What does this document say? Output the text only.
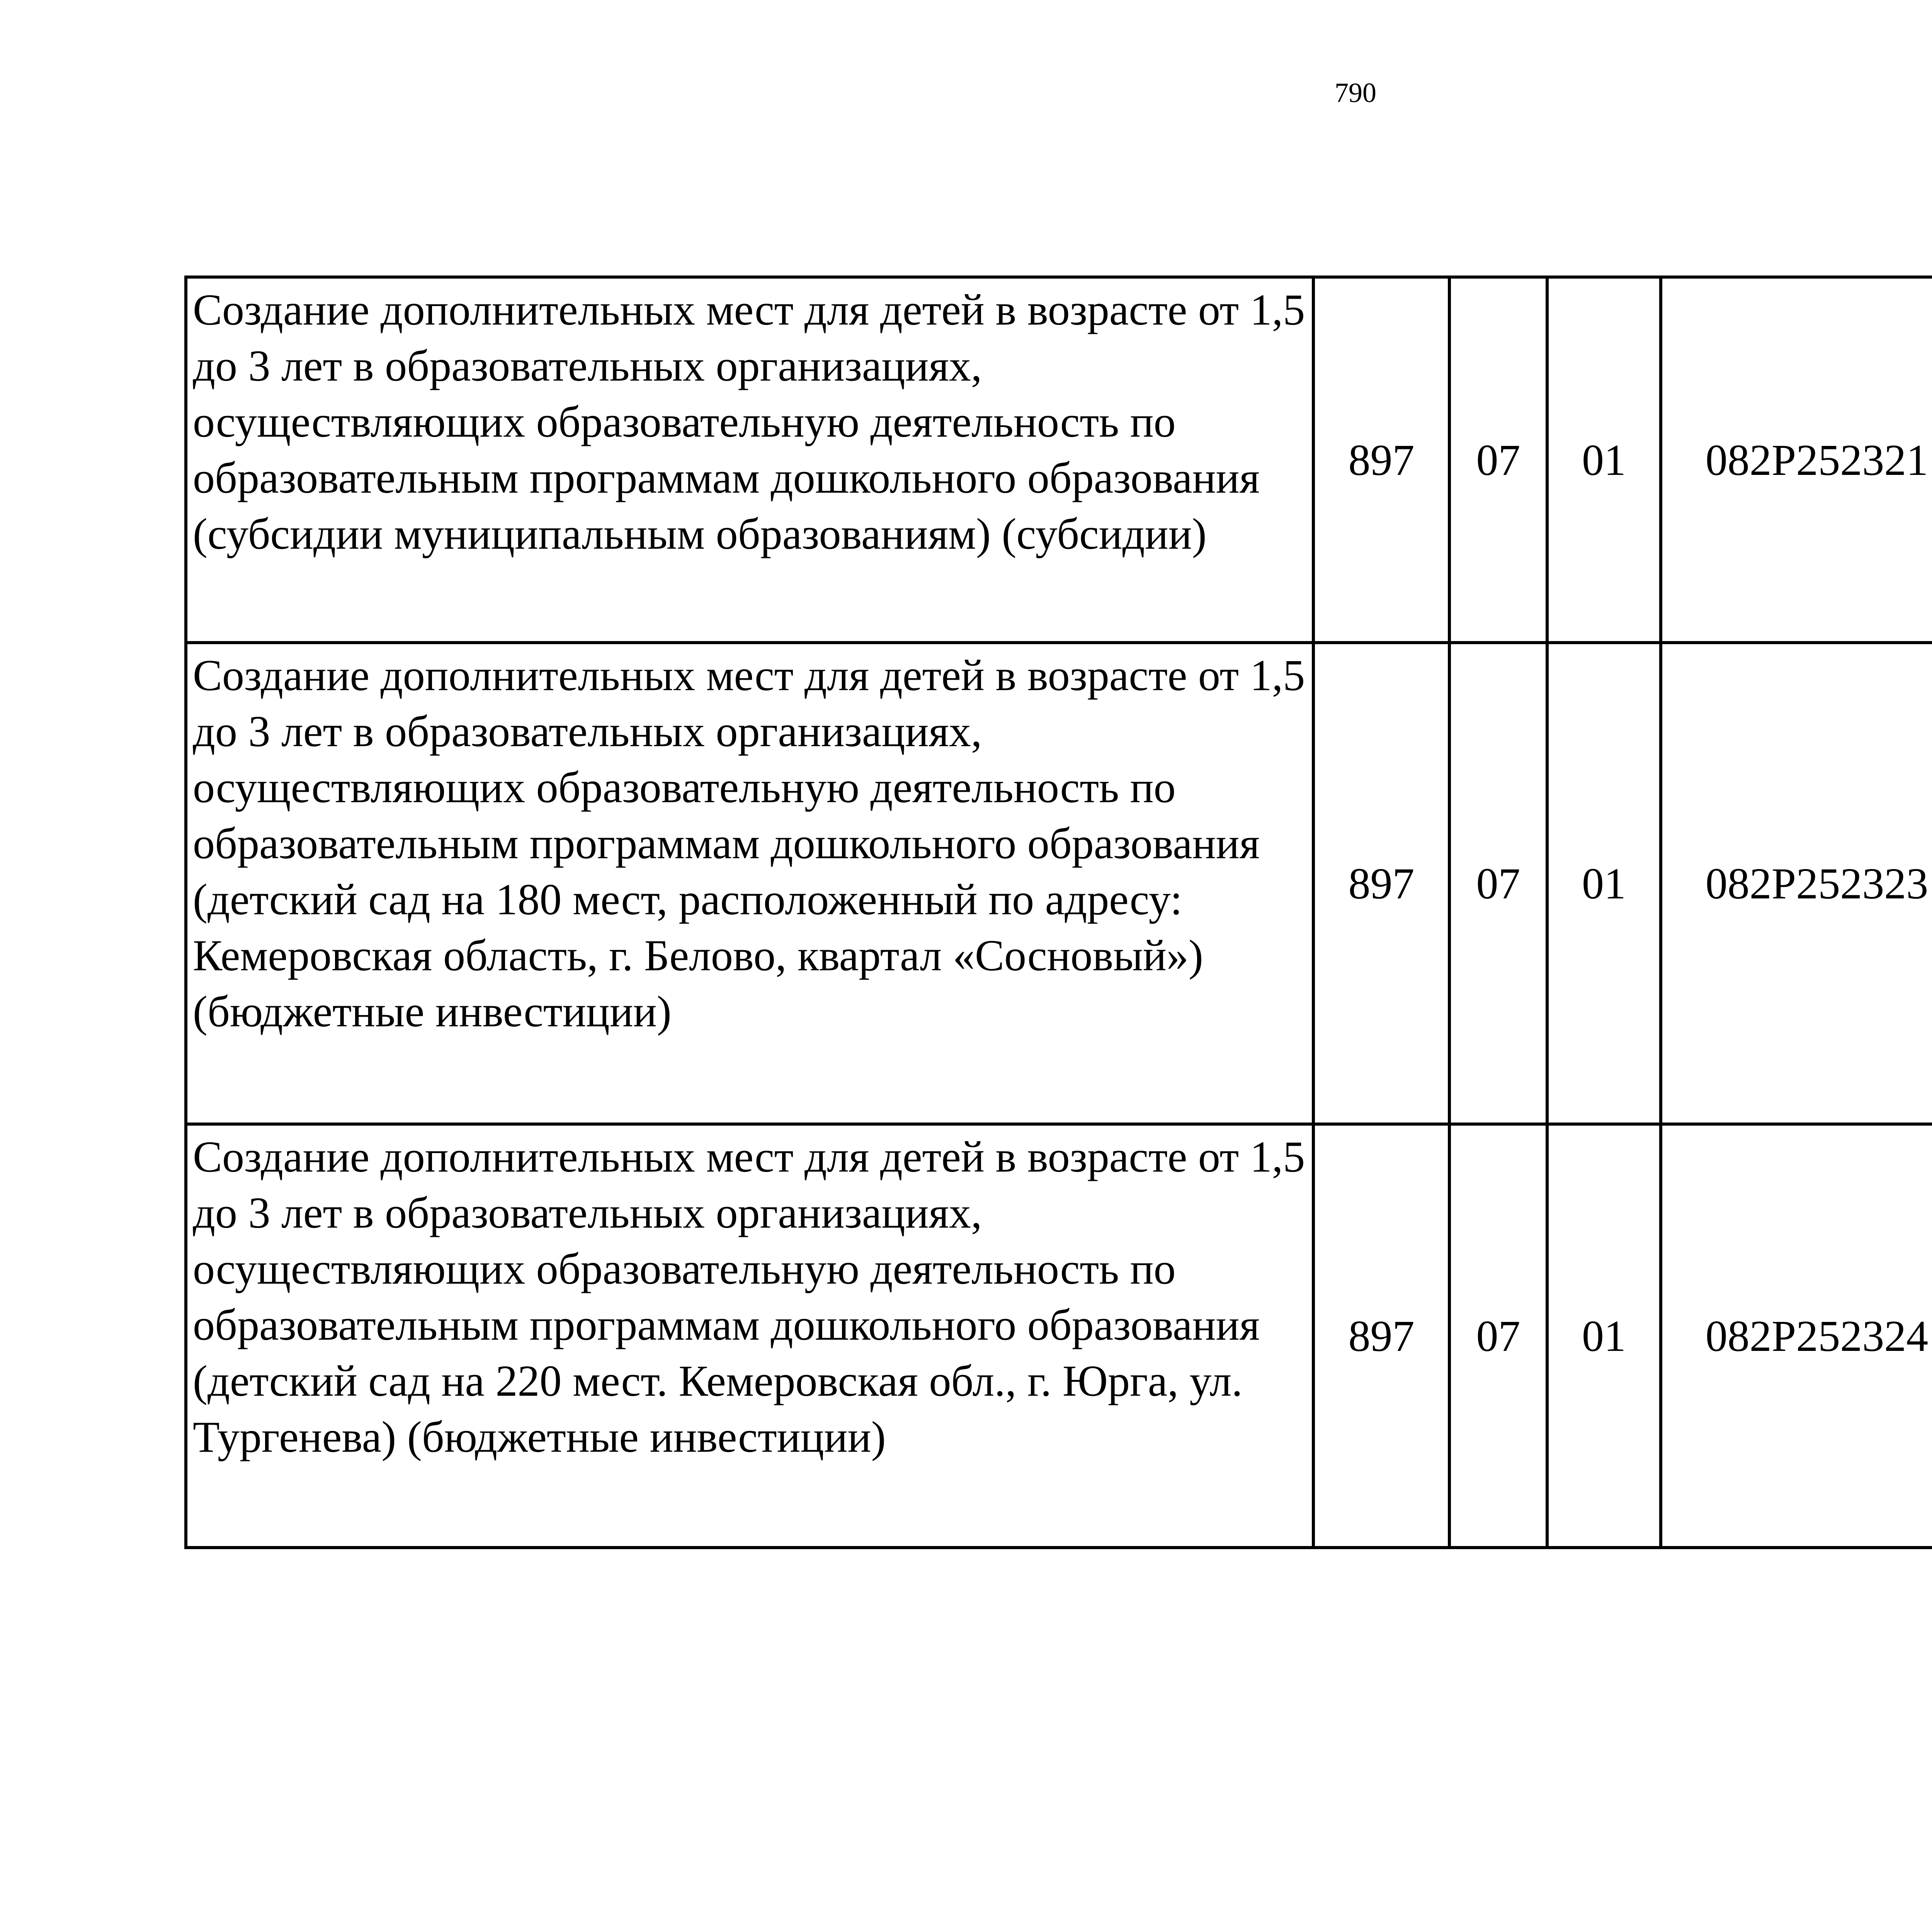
790
Создание дополнительных мест для детей в возрасте от 1,5 до 3 лет в образовательных организациях, осуществляющих образовательную деятельность по образовательным программам дошкольного образования (субсидии муниципальным образованиям) (субсидии)	897	07	01	082P252321		
Создание дополнительных мест для детей в возрасте от 1,5 до 3 лет в образовательных организациях, осуществляющих образовательную деятельность по образовательным программам дошкольного образования (детский сад на 180 мест, расположенный по адресу: Кемеровская область, г. Белово, квартал «Сосновый») (бюджетные инвестиции)	897	07	01	082P252323		
Создание дополнительных мест для детей в возрасте от 1,5 до 3 лет в образовательных организациях, осуществляющих образовательную деятельность по образовательным программам дошкольного образования (детский сад на 220 мест. Кемеровская обл., г. Юрга, ул. Тургенева) (бюджетные инвестиции)	897	07	01	082P252324		
